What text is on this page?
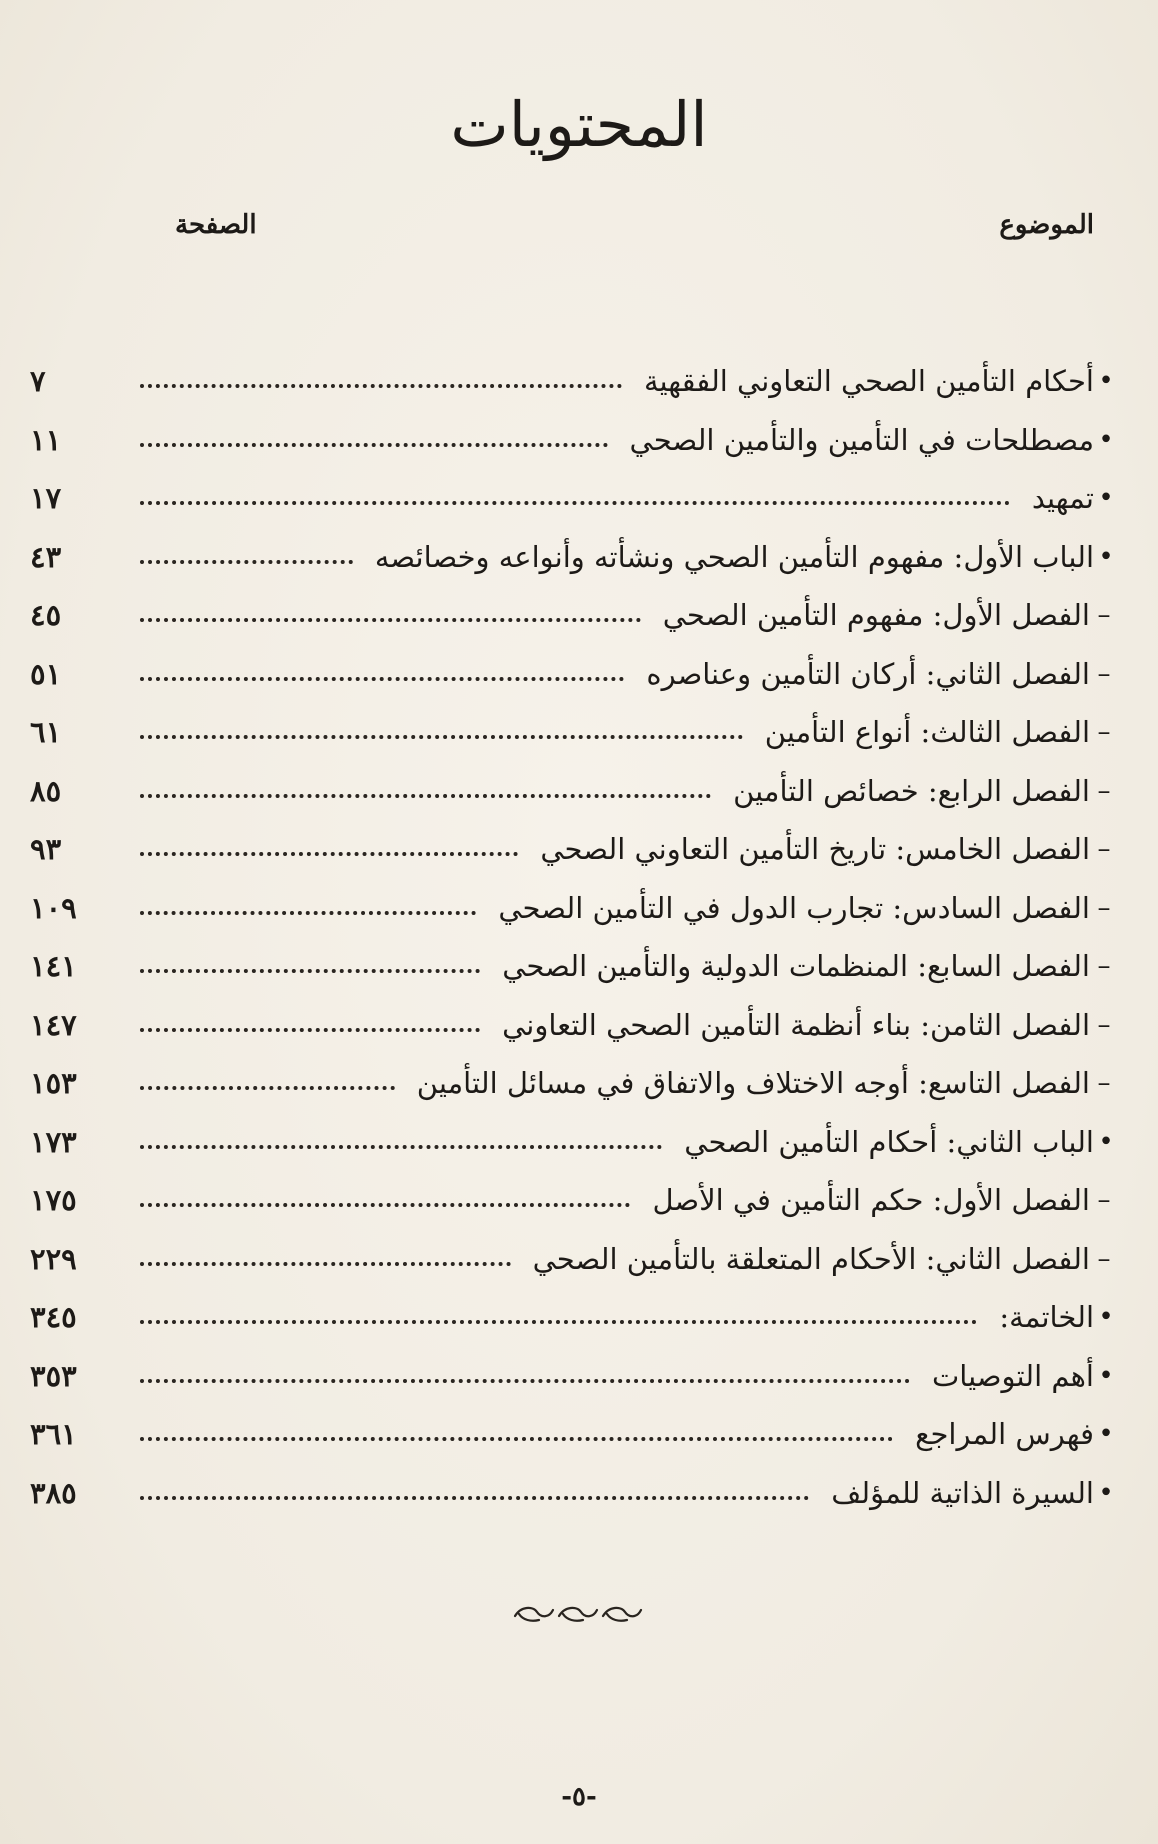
المحتويات
الموضوع
الصفحة
•
أحكام التأمين الصحي التعاوني الفقهية
٧
•
مصطلحات في التأمين والتأمين الصحي
١١
•
تمهيد
١٧
•
الباب الأول: مفهوم التأمين الصحي ونشأته وأنواعه وخصائصه
٤٣
–
الفصل الأول: مفهوم التأمين الصحي
٤٥
–
الفصل الثاني: أركان التأمين وعناصره
٥١
–
الفصل الثالث: أنواع التأمين
٦١
–
الفصل الرابع: خصائص التأمين
٨٥
–
الفصل الخامس: تاريخ التأمين التعاوني الصحي
٩٣
–
الفصل السادس: تجارب الدول في التأمين الصحي
١٠٩
–
الفصل السابع: المنظمات الدولية والتأمين الصحي
١٤١
–
الفصل الثامن: بناء أنظمة التأمين الصحي التعاوني
١٤٧
–
الفصل التاسع: أوجه الاختلاف والاتفاق في مسائل التأمين
١٥٣
•
الباب الثاني: أحكام التأمين الصحي
١٧٣
–
الفصل الأول: حكم التأمين في الأصل
١٧٥
–
الفصل الثاني: الأحكام المتعلقة بالتأمين الصحي
٢٢٩
•
الخاتمة:
٣٤٥
•
أهم التوصيات
٣٥٣
•
فهرس المراجع
٣٦١
•
السيرة الذاتية للمؤلف
٣٨٥
-٥-
